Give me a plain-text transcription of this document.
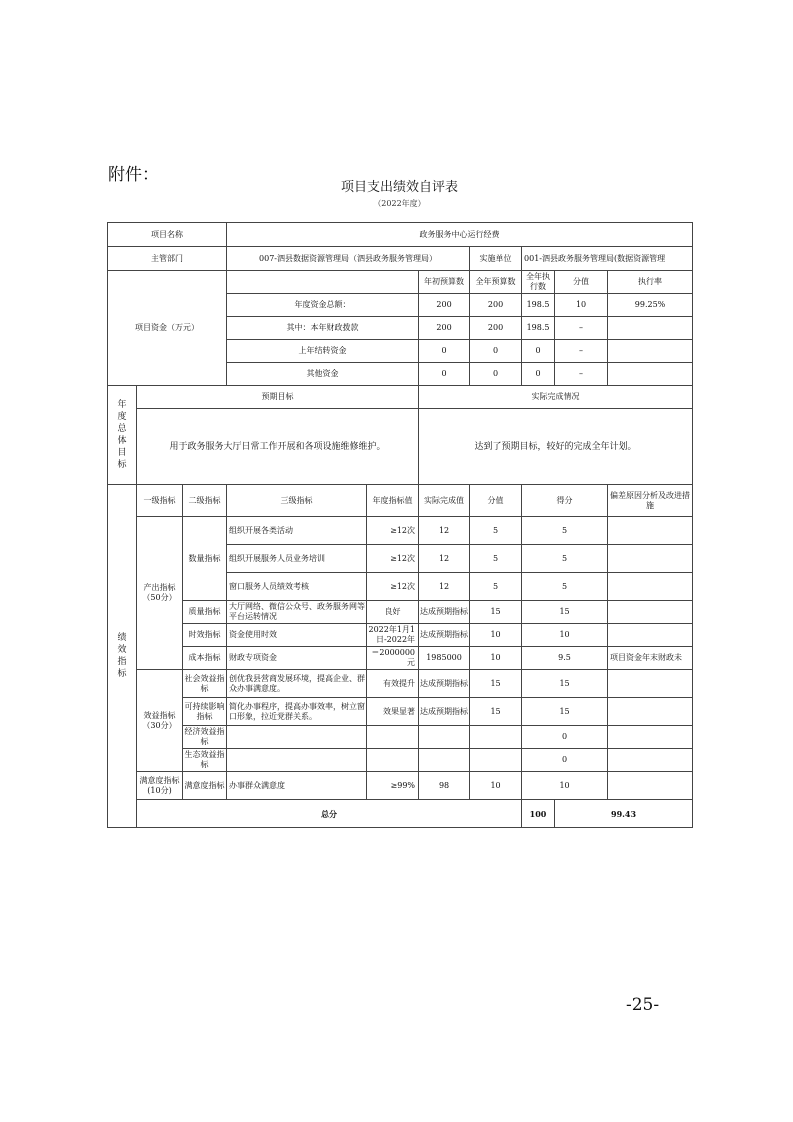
附件：
项目支出绩效自评表
（2022年度）
项目名称			政务服务中心运行经费							
主管部门			007-泗县数据资源管理局（泗县政务服务管理局）			实施单位	001-泗县政务服务管理局(数据资源管理			
项目资金（万元）					年初预算数	全年预算数	全年执行数	分值	执行率	
			年度资金总额：		200	200	198.5	10	99.25%	
			其中：本年财政拨款		200	200	198.5	–		
			上年结转资金		0	0	0	–		
			其他资金		0	0	0	–		

年度总体目标	预期目标				实际完成情况					
	用于政务服务大厅日常工作开展和各项设施维修维护。				达到了预期目标，较好的完成全年计划。					

绩效指标	一级指标	二级指标	三级指标	年度指标值	实际完成值	分值	得分		偏差原因分析及改进措施	
	产出指标（50分）	数量指标	组织开展各类活动	≥12次	12	5	5			
			组织开展服务人员业务培训	≥12次	12	5	5			
			窗口服务人员绩效考核	≥12次	12	5	5			
		质量指标	大厅网络、微信公众号、政务服务网等平台运转情况	良好	达成预期指标	15	15			
		时效指标	资金使用时效	2022年1月1日-2022年	达成预期指标	10	10			
		成本指标	财政专项资金	＝2000000元	1985000	10	9.5		项目资金年末财政未	
	效益指标（30分）	社会效益指标	创优我县营商发展环境，提高企业、群众办事满意度。	有效提升	达成预期指标	15	15			
		可持续影响指标	简化办事程序，提高办事效率，树立窗口形象，拉近党群关系。	效果显著	达成预期指标	15	15			
		经济效益指标					0			
		生态效益指标					0			
	满意度指标(10分)	满意度指标	办事群众满意度	≥99%	98	10	10			
	总分						100	99.43		
-25-
